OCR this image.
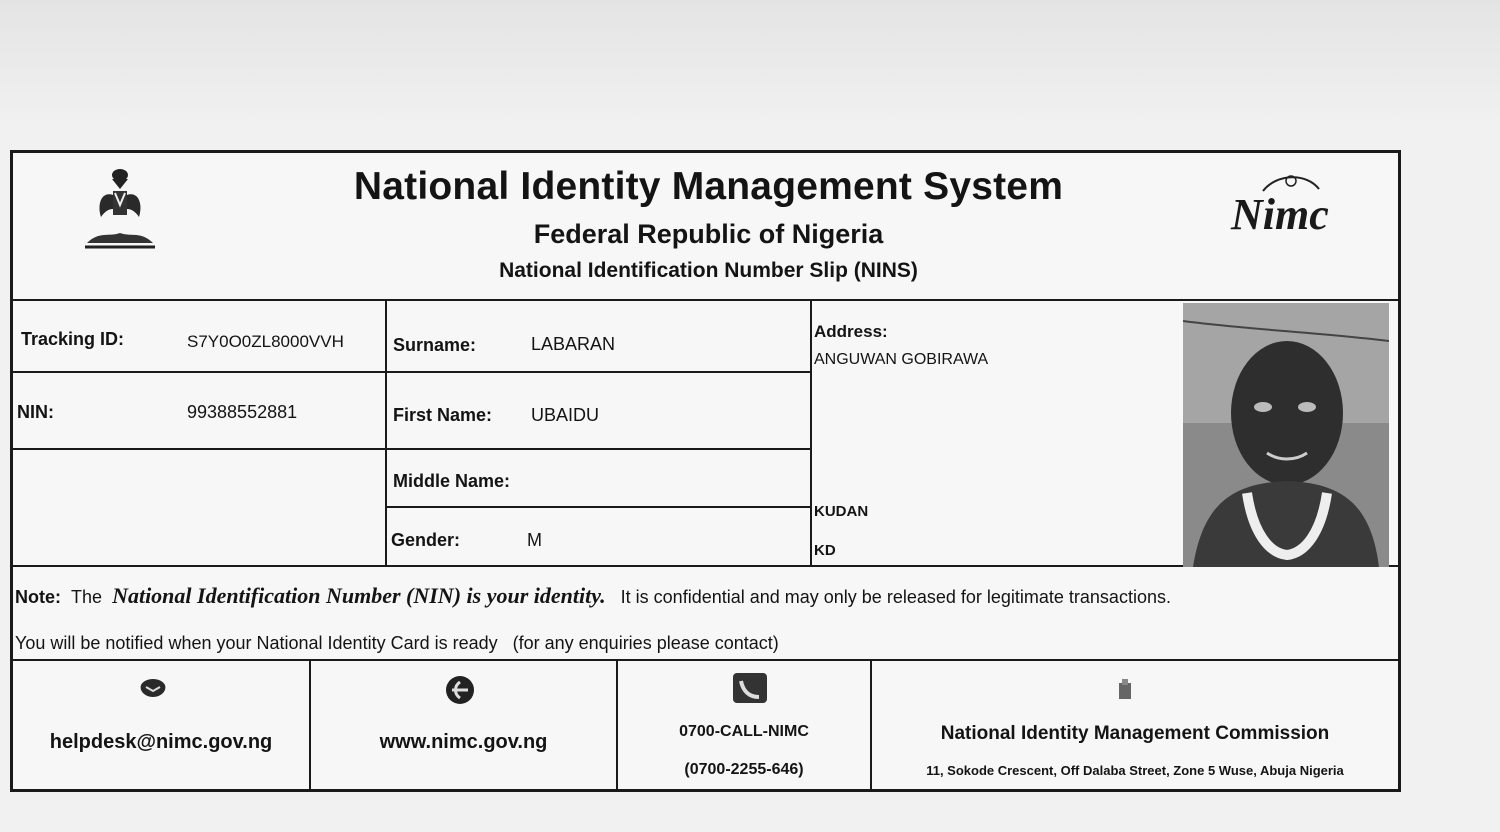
National Identity Management System
Federal Republic of Nigeria
National Identification Number Slip (NINS)
Nimc
Tracking ID:	S7Y0O0ZL8000VVH
NIN:	99388552881
Surname:	LABARAN
First Name: UBAIDU
Middle Name:
Gender:	M
Address:
ANGUWAN GOBIRAWA
KUDAN
KD
Note: The National Identification Number (NIN) is your identity. It is confidential and may only be released for legitimate transactions.
You will be notified when your National Identity Card is ready (for any enquiries please contact)
helpdesk@nimc.gov.ng	www.nimc.gov.ng	0700-CALL-NIMC
(0700-2255-646)
National Identity Management Commission
11, Sokode Crescent, Off Dalaba Street, Zone 5 Wuse, Abuja Nigeria
